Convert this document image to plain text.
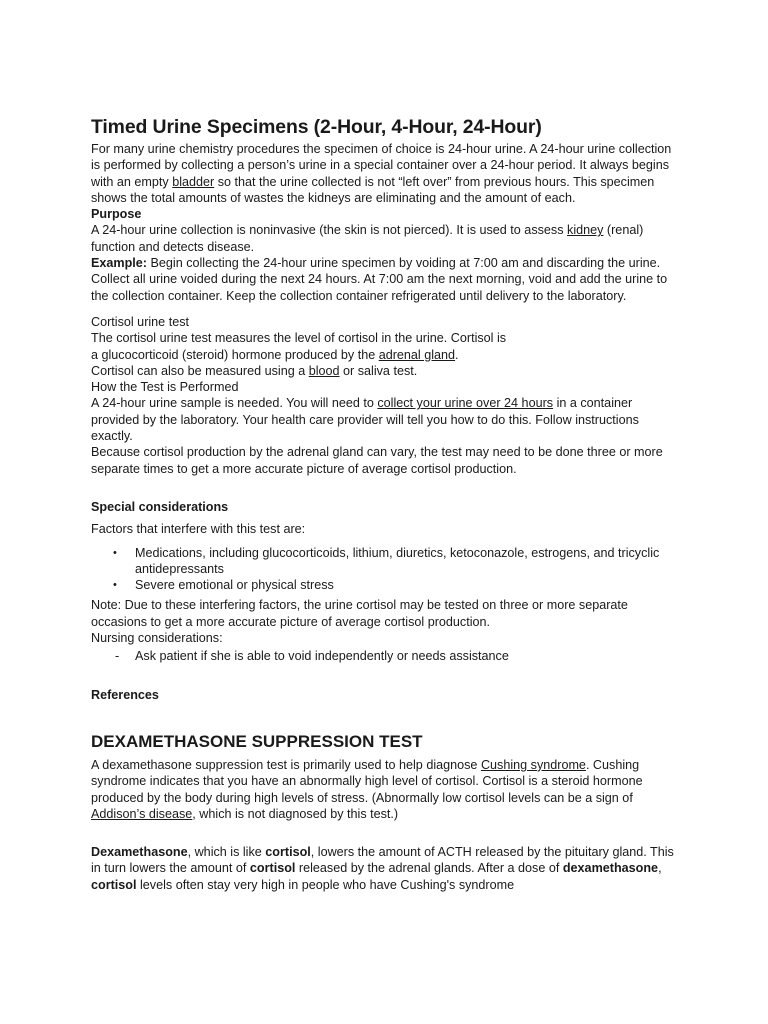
Timed Urine Specimens (2-Hour, 4-Hour, 24-Hour)

For many urine chemistry procedures the specimen of choice is 24-hour urine. A 24-hour urine collection is performed by collecting a person’s urine in a special container over a 24-hour period. It always begins with an empty bladder so that the urine collected is not “left over” from previous hours. This specimen shows the total amounts of wastes the kidneys are eliminating and the amount of each.

Purpose

A 24-hour urine collection is noninvasive (the skin is not pierced). It is used to assess kidney (renal) function and detects disease.

Example: Begin collecting the 24-hour urine specimen by voiding at 7:00 am and discarding the urine. Collect all urine voided during the next 24 hours. At 7:00 am the next morning, void and add the urine to the collection container. Keep the collection container refrigerated until delivery to the laboratory.

Cortisol urine test

The cortisol urine test measures the level of cortisol in the urine. Cortisol is

a glucocorticoid (steroid) hormone produced by the adrenal gland.

Cortisol can also be measured using a blood or saliva test.

How the Test is Performed

A 24-hour urine sample is needed. You will need to collect your urine over 24 hours in a container provided by the laboratory. Your health care provider will tell you how to do this. Follow instructions exactly.

Because cortisol production by the adrenal gland can vary, the test may need to be done three or more separate times to get a more accurate picture of average cortisol production.

Special considerations

Factors that interfere with this test are:

• Medications, including glucocorticoids, lithium, diuretics, ketoconazole, estrogens, and tricyclic antidepressants
• Severe emotional or physical stress

Note: Due to these interfering factors, the urine cortisol may be tested on three or more separate occasions to get a more accurate picture of average cortisol production.

Nursing considerations:

- Ask patient if she is able to void independently or needs assistance

References

DEXAMETHASONE SUPPRESSION TEST

A dexamethasone suppression test is primarily used to help diagnose Cushing syndrome. Cushing syndrome indicates that you have an abnormally high level of cortisol. Cortisol is a steroid hormone produced by the body during high levels of stress. (Abnormally low cortisol levels can be a sign of Addison’s disease, which is not diagnosed by this test.)

Dexamethasone, which is like cortisol, lowers the amount of ACTH released by the pituitary gland. This in turn lowers the amount of cortisol released by the adrenal glands. After a dose of dexamethasone, cortisol levels often stay very high in people who have Cushing's syndrome
